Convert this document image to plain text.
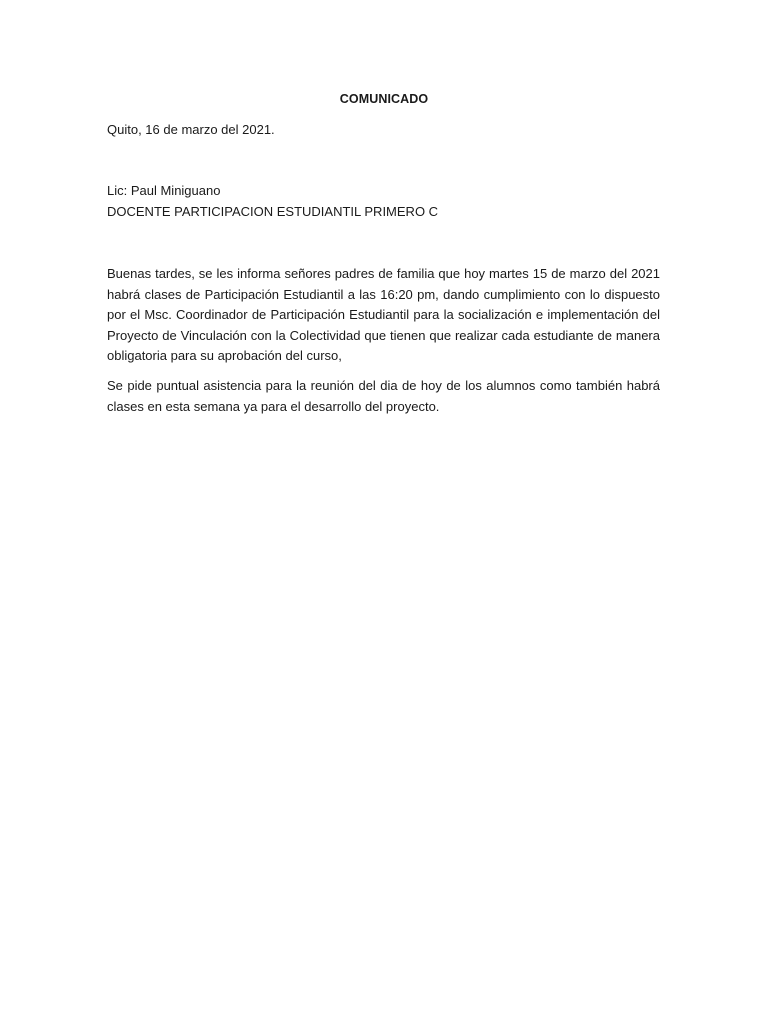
COMUNICADO
Quito, 16 de marzo del 2021.
Lic: Paul Miniguano
DOCENTE PARTICIPACION ESTUDIANTIL PRIMERO C

Buenas tardes, se les informa señores padres de familia que hoy martes 15 de marzo del 2021 habrá clases de Participación Estudiantil a las 16:20 pm, dando cumplimiento con lo dispuesto por el Msc. Coordinador de Participación Estudiantil para la socialización e implementación del Proyecto de Vinculación con la Colectividad que tienen que realizar cada estudiante de manera obligatoria para su aprobación del curso,

Se pide puntual asistencia para la reunión del dia de hoy de los alumnos como también habrá clases en esta semana ya para el desarrollo del proyecto.
